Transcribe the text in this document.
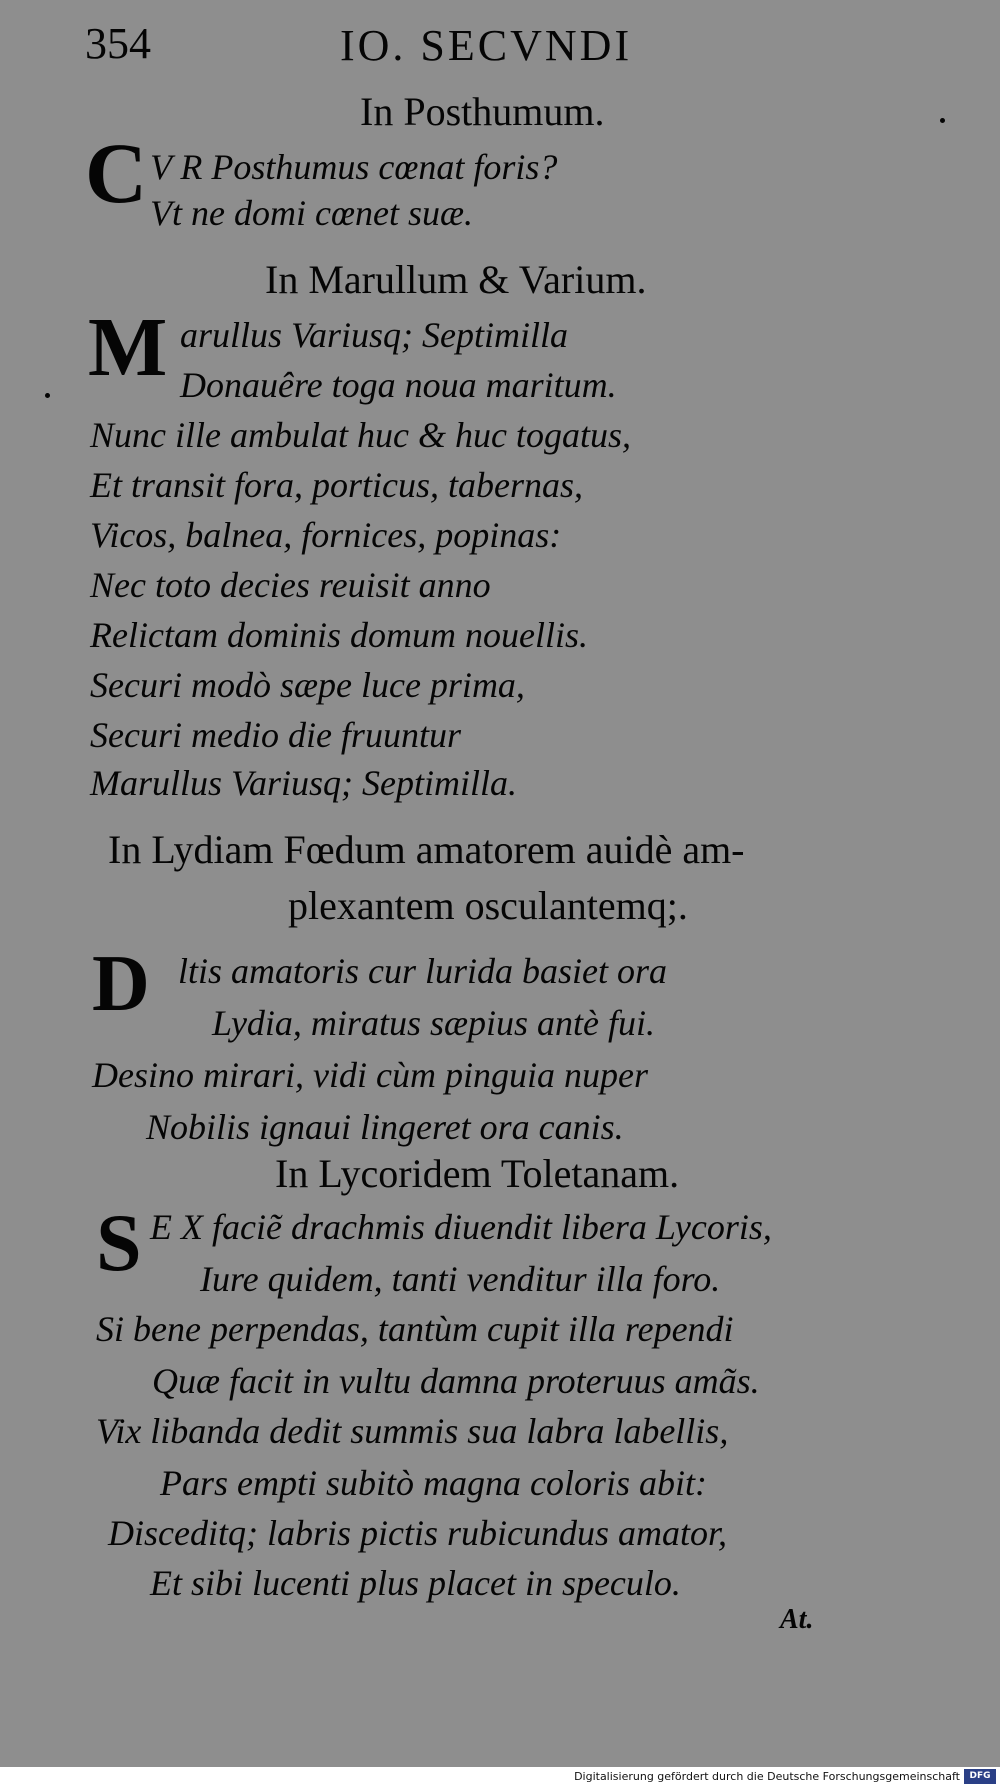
354	IO. SECVNDI
In Posthumum.
C V R Posthumus cœnat foris?
Vt ne domi cœnet suæ.
In Marullum & Varium.
M arullus Variusq; Septimilla
Donauêre toga noua maritum.
Nunc ille ambulat huc & huc togatus,
Et transit fora, porticus, tabernas,
Vicos, balnea, fornices, popinas:
Nec toto decies reuisit anno
Relictam dominis domum nouellis.
Securi modò sæpe luce prima,
Securi medio die fruuntur
Marullus Variusq; Septimilla.
In Lydiam Fœdum amatorem auidè am-
plexantem osculantemq;.
D ltis amatoris cur lurida basiet ora
Lydia, miratus sæpius antè fui.
Desino mirari, vidi cùm pinguia nuper
Nobilis ignaui lingeret ora canis.
In Lycoridem Toletanam.
S E X faciẽ drachmis diuendit libera Lycoris,
Iure quidem, tanti venditur illa foro.
Si bene perpendas, tantùm cupit illa rependi
Quæ facit in vultu damna proteruus amãs.
Vix libanda dedit summis sua labra labellis,
Pars empti subitò magna coloris abit:
Disceditq; labris pictis rubicundus amator,
Et sibi lucenti plus placet in speculo.
At.
Digitalisierung gefördert durch die Deutsche Forschungsgemeinschaft	DFG
